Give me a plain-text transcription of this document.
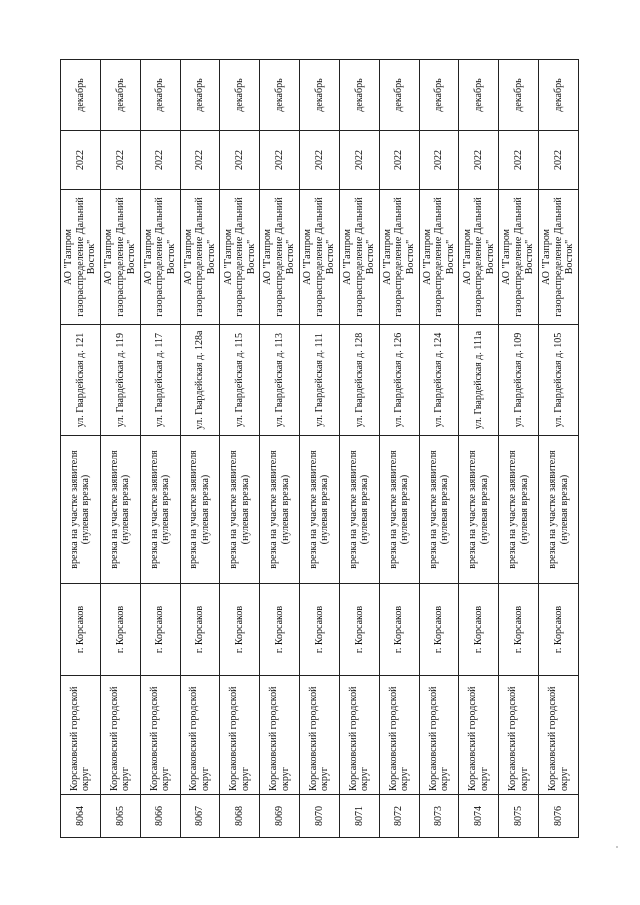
8064	Корсаковский городской округ	г. Корсаков	врезка на участке заявителя (нулевая врезка)	ул. Гвардейская д. 121	АО "Газпром газораспределение Дальний Восток"	2022	декабрь
8065	Корсаковский городской округ	г. Корсаков	врезка на участке заявителя (нулевая врезка)	ул. Гвардейская д. 119	АО "Газпром газораспределение Дальний Восток"	2022	декабрь
8066	Корсаковский городской округ	г. Корсаков	врезка на участке заявителя (нулевая врезка)	ул. Гвардейская д. 117	АО "Газпром газораспределение Дальний Восток"	2022	декабрь
8067	Корсаковский городской округ	г. Корсаков	врезка на участке заявителя (нулевая врезка)	ул. Гвардейская д. 128а	АО "Газпром газораспределение Дальний Восток"	2022	декабрь
8068	Корсаковский городской округ	г. Корсаков	врезка на участке заявителя (нулевая врезка)	ул. Гвардейская д. 115	АО "Газпром газораспределение Дальний Восток"	2022	декабрь
8069	Корсаковский городской округ	г. Корсаков	врезка на участке заявителя (нулевая врезка)	ул. Гвардейская д. 113	АО "Газпром газораспределение Дальний Восток"	2022	декабрь
8070	Корсаковский городской округ	г. Корсаков	врезка на участке заявителя (нулевая врезка)	ул. Гвардейская д. 111	АО "Газпром газораспределение Дальний Восток"	2022	декабрь
8071	Корсаковский городской округ	г. Корсаков	врезка на участке заявителя (нулевая врезка)	ул. Гвардейская д. 128	АО "Газпром газораспределение Дальний Восток"	2022	декабрь
8072	Корсаковский городской округ	г. Корсаков	врезка на участке заявителя (нулевая врезка)	ул. Гвардейская д. 126	АО "Газпром газораспределение Дальний Восток"	2022	декабрь
8073	Корсаковский городской округ	г. Корсаков	врезка на участке заявителя (нулевая врезка)	ул. Гвардейская д. 124	АО "Газпром газораспределение Дальний Восток"	2022	декабрь
8074	Корсаковский городской округ	г. Корсаков	врезка на участке заявителя (нулевая врезка)	ул. Гвардейская д. 111а	АО "Газпром газораспределение Дальний Восток"	2022	декабрь
8075	Корсаковский городской округ	г. Корсаков	врезка на участке заявителя (нулевая врезка)	ул. Гвардейская д. 109	АО "Газпром газораспределение Дальний Восток"	2022	декабрь
8076	Корсаковский городской округ	г. Корсаков	врезка на участке заявителя (нулевая врезка)	ул. Гвардейская д. 105	АО "Газпром газораспределение Дальний Восток"	2022	декабрь
